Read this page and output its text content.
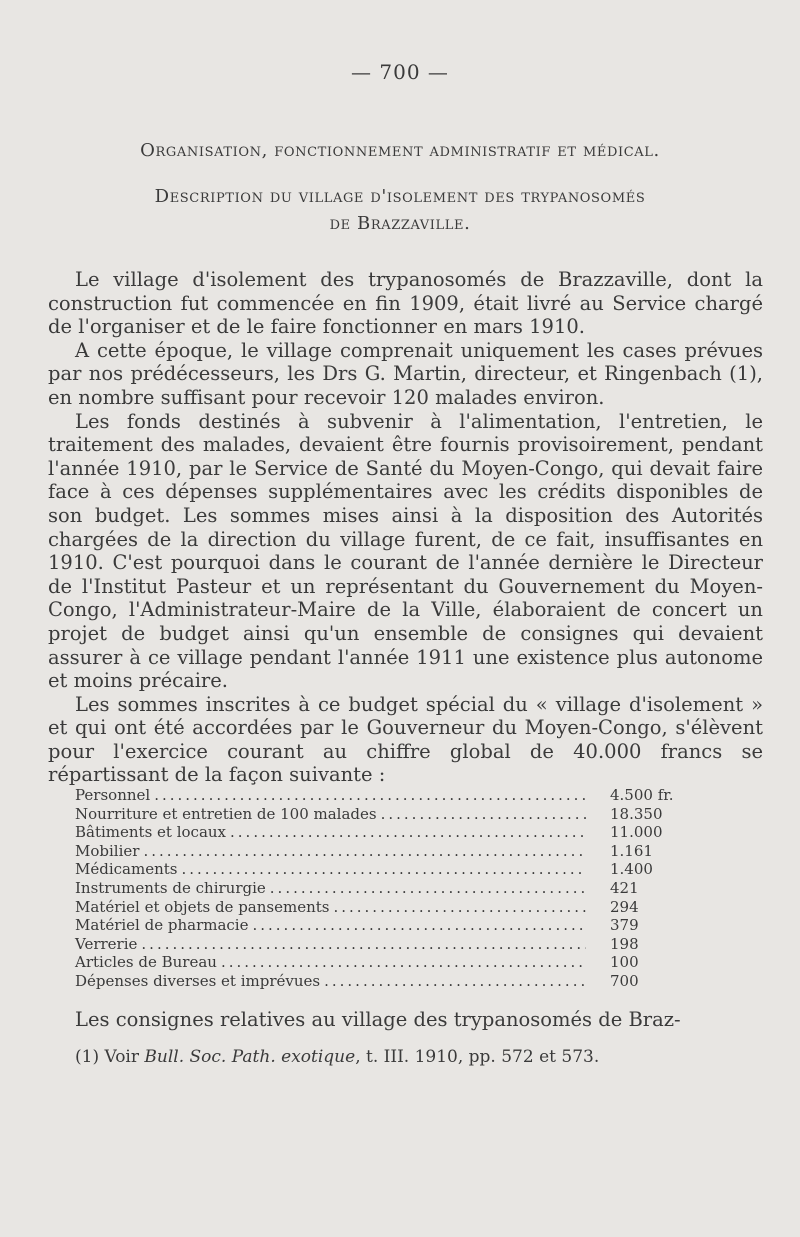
— 700 —
Organisation, fonctionnement administratif et médical.
Description du village d'isolement des trypanosomés
de Brazzaville.

Le village d'isolement des trypanosomés de Brazzaville, dont la construction fut commencée en fin 1909, était livré au Service chargé de l'organiser et de le faire fonctionner en mars 1910.

A cette époque, le village comprenait uniquement les cases prévues par nos prédécesseurs, les Drs G. Martin, directeur, et Ringenbach (1), en nombre suffisant pour recevoir 120 malades environ.

Les fonds destinés à subvenir à l'alimentation, l'entretien, le traitement des malades, devaient être fournis provisoirement, pendant l'année 1910, par le Service de Santé du Moyen-Congo, qui devait faire face à ces dépenses supplémentaires avec les crédits disponibles de son budget. Les sommes mises ainsi à la disposition des Autorités chargées de la direction du village furent, de ce fait, insuffisantes en 1910. C'est pourquoi dans le courant de l'année dernière le Directeur de l'Institut Pasteur et un représentant du Gouvernement du Moyen-Congo, l'Administrateur-Maire de la Ville, élaboraient de concert un projet de budget ainsi qu'un ensemble de consignes qui devaient assurer à ce village pendant l'année 1911 une existence plus autonome et moins précaire.

Les sommes inscrites à ce budget spécial du « village d'isolement » et qui ont été accordées par le Gouverneur du Moyen-Congo, s'élèvent pour l'exercice courant au chiffre global de 40.000 francs se répartissant de la façon suivante :

Personnel .....	4.500 fr.
Nourriture et entretien de 100 malades .....	18.350
Bâtiments et locaux .....	11.000
Mobilier .....	1.161
Médicaments .....	1.400
Instruments de chirurgie .....	421
Matériel et objets de pansements .....	294
Matériel de pharmacie .....	379
Verrerie .....	198
Articles de Bureau .....	100
Dépenses diverses et imprévues .....	700

Les consignes relatives au village des trypanosomés de Braz-

(1) Voir Bull. Soc. Path. exotique, t. III. 1910, pp. 572 et 573.
